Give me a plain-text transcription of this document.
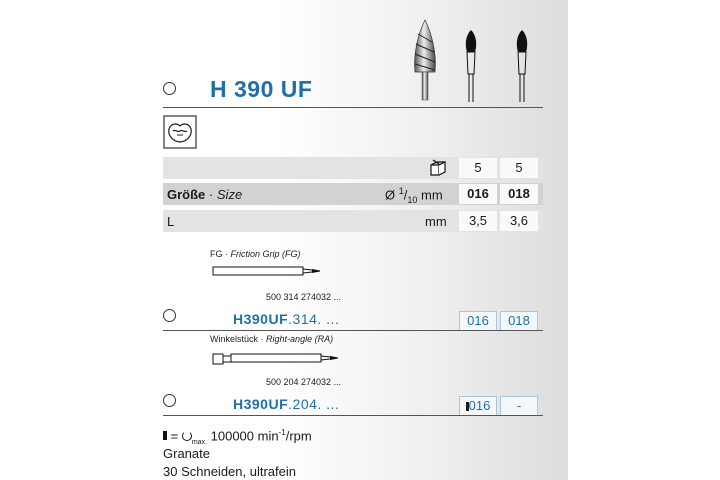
H 390 UF
5	5
Größe · Size	Ø $^1/_{10}$ mm	016	018
L	mm	3,5	3,6
FG · Friction Grip (FG)
500 314 274032 ...
H390UF.314. ...	016	018
Winkelstück · Right-angle (RA)
500 204 274032 ...
H390UF.204. ...	016	-
= $_{max.}$ 100000 $\min^{-1}$/rpm
Granate
30 Schneiden, ultrafein
